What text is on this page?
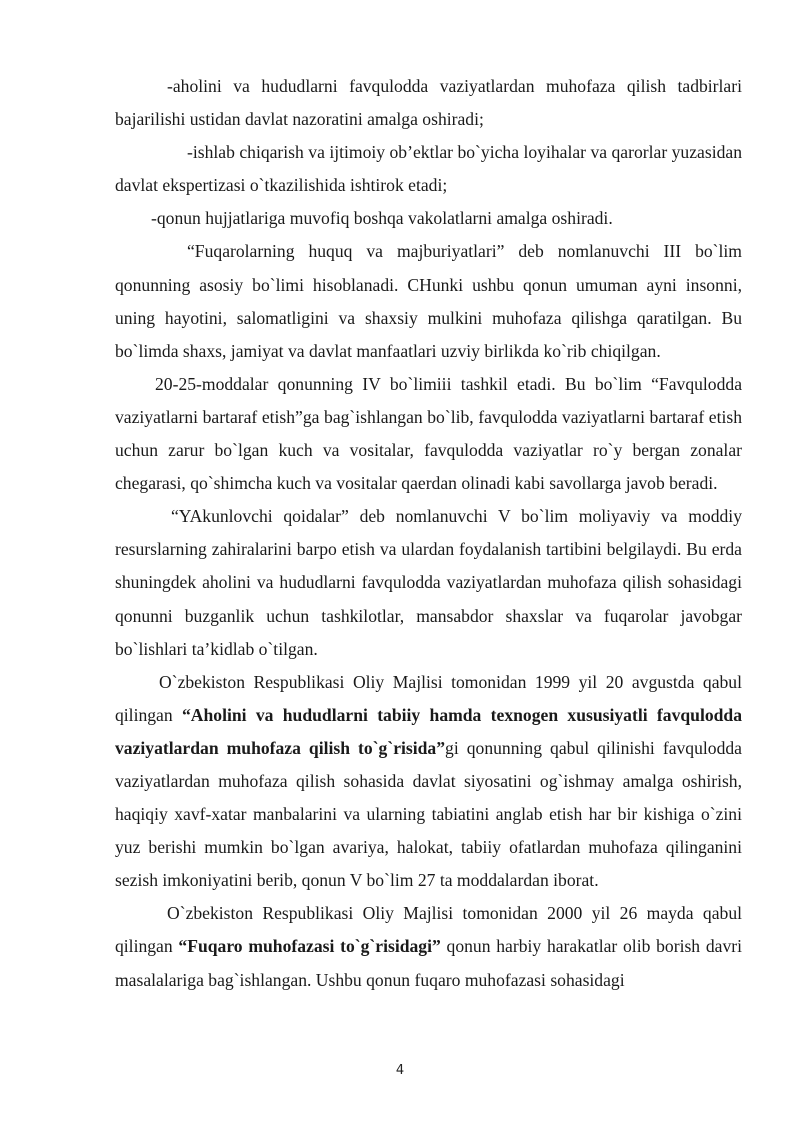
-aholini va hududlarni favqulodda vaziyatlardan muhofaza qilish tadbirlari bajarilishi ustidan davlat nazoratini amalga oshiradi;

-ishlab chiqarish va ijtimoiy ob’ektlar bo`yicha loyihalar va qarorlar yuzasidan davlat ekspertizasi o`tkazilishida ishtirok etadi;

-qonun hujjatlariga muvofiq boshqa vakolatlarni amalga oshiradi.

“Fuqarolarning huquq va majburiyatlari” deb nomlanuvchi III bo`lim qonunning asosiy bo`limi hisoblanadi. CHunki ushbu qonun umuman ayni insonni, uning hayotini, salomatligini va shaxsiy mulkini muhofaza qilishga qaratilgan. Bu bo`limda shaxs, jamiyat va davlat manfaatlari uzviy birlikda ko`rib chiqilgan.

20-25-moddalar qonunning IV bo`limiii tashkil etadi. Bu bo`lim “Favqulodda vaziyatlarni bartaraf etish”ga bag`ishlangan bo`lib, favqulodda vaziyatlarni bartaraf etish uchun zarur bo`lgan kuch va vositalar, favqulodda vaziyatlar ro`y bergan zonalar chegarasi, qo`shimcha kuch va vositalar qaerdan olinadi kabi savollarga javob beradi.

“YAkunlovchi qoidalar” deb nomlanuvchi V bo`lim moliyaviy va moddiy resurslarning zahiralarini barpo etish va ulardan foydalanish tartibini belgilaydi. Bu erda shuningdek aholini va hududlarni favqulodda vaziyatlardan muhofaza qilish sohasidagi qonunni buzganlik uchun tashkilotlar, mansabdor shaxslar va fuqarolar javobgar bo`lishlari ta’kidlab o`tilgan.

O`zbekiston Respublikasi Oliy Majlisi tomonidan 1999 yil 20 avgustda qabul qilingan “Aholini va hududlarni tabiiy hamda texnogen xususiyatli favqulodda vaziyatlardan muhofaza qilish to`g`risida”gi qonunning qabul qilinishi favqulodda vaziyatlardan muhofaza qilish sohasida davlat siyosatini og`ishmay amalga oshirish, haqiqiy xavf-xatar manbalarini va ularning tabiatini anglab etish har bir kishiga o`zini yuz berishi mumkin bo`lgan avariya, halokat, tabiiy ofatlardan muhofaza qilinganini sezish imkoniyatini berib, qonun V bo`lim 27 ta moddalardan iborat.

O`zbekiston Respublikasi Oliy Majlisi tomonidan 2000 yil 26 mayda qabul qilingan “Fuqaro muhofazasi to`g`risidagi” qonun harbiy harakatlar olib borish davri masalalariga bag`ishlangan. Ushbu qonun fuqaro muhofazasi sohasidagi

4
